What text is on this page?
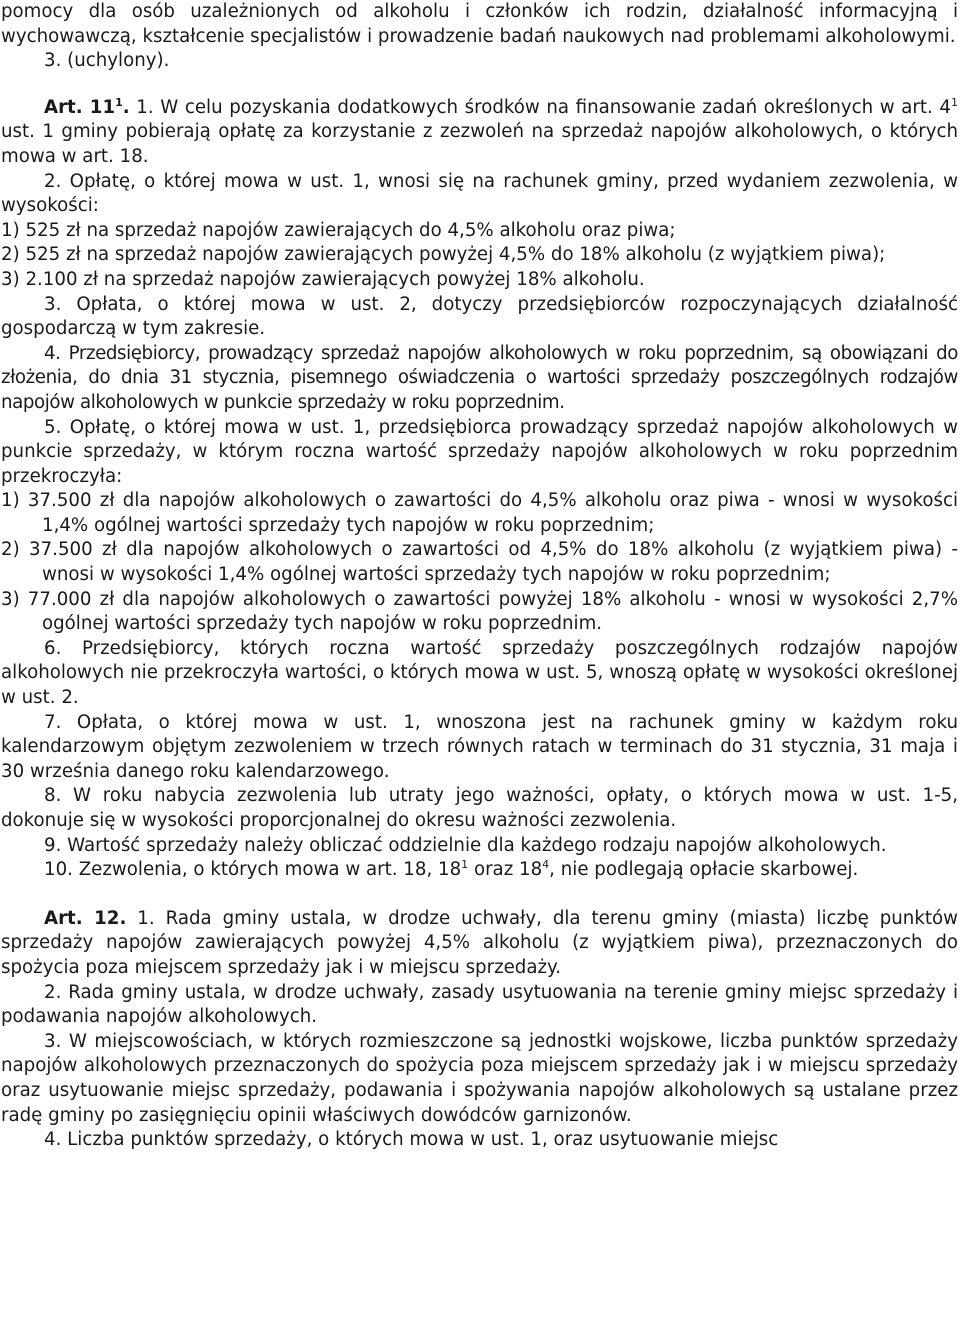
pomocy dla osób uzależnionych od alkoholu i członków ich rodzin, działalność informacyjną i wychowawczą, kształcenie specjalistów i prowadzenie badań naukowych nad problemami alkoholowymi.

3. (uchylony).

Art. $11^1$. 1. W celu pozyskania dodatkowych środków na finansowanie zadań określonych w art. $4^1$ ust. 1 gminy pobierają opłatę za korzystanie z zezwoleń na sprzedaż napojów alkoholowych, o których mowa w art. 18.

2. Opłatę, o której mowa w ust. 1, wnosi się na rachunek gminy, przed wydaniem zezwolenia, w wysokości:

1) 525 zł na sprzedaż napojów zawierających do 4,5% alkoholu oraz piwa;

2) 525 zł na sprzedaż napojów zawierających powyżej 4,5% do 18% alkoholu (z wyjątkiem piwa);

3) 2.100 zł na sprzedaż napojów zawierających powyżej 18% alkoholu.

3. Opłata, o której mowa w ust. 2, dotyczy przedsiębiorców rozpoczynających działalność gospodarczą w tym zakresie.

4. Przedsiębiorcy, prowadzący sprzedaż napojów alkoholowych w roku poprzednim, są obowiązani do złożenia, do dnia 31 stycznia, pisemnego oświadczenia o wartości sprzedaży poszczególnych rodzajów napojów alkoholowych w punkcie sprzedaży w roku poprzednim.

5. Opłatę, o której mowa w ust. 1, przedsiębiorca prowadzący sprzedaż napojów alkoholowych w punkcie sprzedaży, w którym roczna wartość sprzedaży napojów alkoholowych w roku poprzednim przekroczyła:

1) 37.500 zł dla napojów alkoholowych o zawartości do 4,5% alkoholu oraz piwa - wnosi w wysokości 1,4% ogólnej wartości sprzedaży tych napojów w roku poprzednim;

2) 37.500 zł dla napojów alkoholowych o zawartości od 4,5% do 18% alkoholu (z wyjątkiem piwa) - wnosi w wysokości 1,4% ogólnej wartości sprzedaży tych napojów w roku poprzednim;

3) 77.000 zł dla napojów alkoholowych o zawartości powyżej 18% alkoholu - wnosi w wysokości 2,7% ogólnej wartości sprzedaży tych napojów w roku poprzednim.

6. Przedsiębiorcy, których roczna wartość sprzedaży poszczególnych rodzajów napojów alkoholowych nie przekroczyła wartości, o których mowa w ust. 5, wnoszą opłatę w wysokości określonej w ust. 2.

7. Opłata, o której mowa w ust. 1, wnoszona jest na rachunek gminy w każdym roku kalendarzowym objętym zezwoleniem w trzech równych ratach w terminach do 31 stycznia, 31 maja i 30 września danego roku kalendarzowego.

8. W roku nabycia zezwolenia lub utraty jego ważności, opłaty, o których mowa w ust. 1-5, dokonuje się w wysokości proporcjonalnej do okresu ważności zezwolenia.

9. Wartość sprzedaży należy obliczać oddzielnie dla każdego rodzaju napojów alkoholowych.

10. Zezwolenia, o których mowa w art. 18, $18^1$ oraz $18^4$, nie podlegają opłacie skarbowej.

Art. 12. 1. Rada gminy ustala, w drodze uchwały, dla terenu gminy (miasta) liczbę punktów sprzedaży napojów zawierających powyżej 4,5% alkoholu (z wyjątkiem piwa), przeznaczonych do spożycia poza miejscem sprzedaży jak i w miejscu sprzedaży.

2. Rada gminy ustala, w drodze uchwały, zasady usytuowania na terenie gminy miejsc sprzedaży i podawania napojów alkoholowych.

3. W miejscowościach, w których rozmieszczone są jednostki wojskowe, liczba punktów sprzedaży napojów alkoholowych przeznaczonych do spożycia poza miejscem sprzedaży jak i w miejscu sprzedaży oraz usytuowanie miejsc sprzedaży, podawania i spożywania napojów alkoholowych są ustalane przez radę gminy po zasięgnięciu opinii właściwych dowódców garnizonów.

4. Liczba punktów sprzedaży, o których mowa w ust. 1, oraz usytuowanie miejsc
